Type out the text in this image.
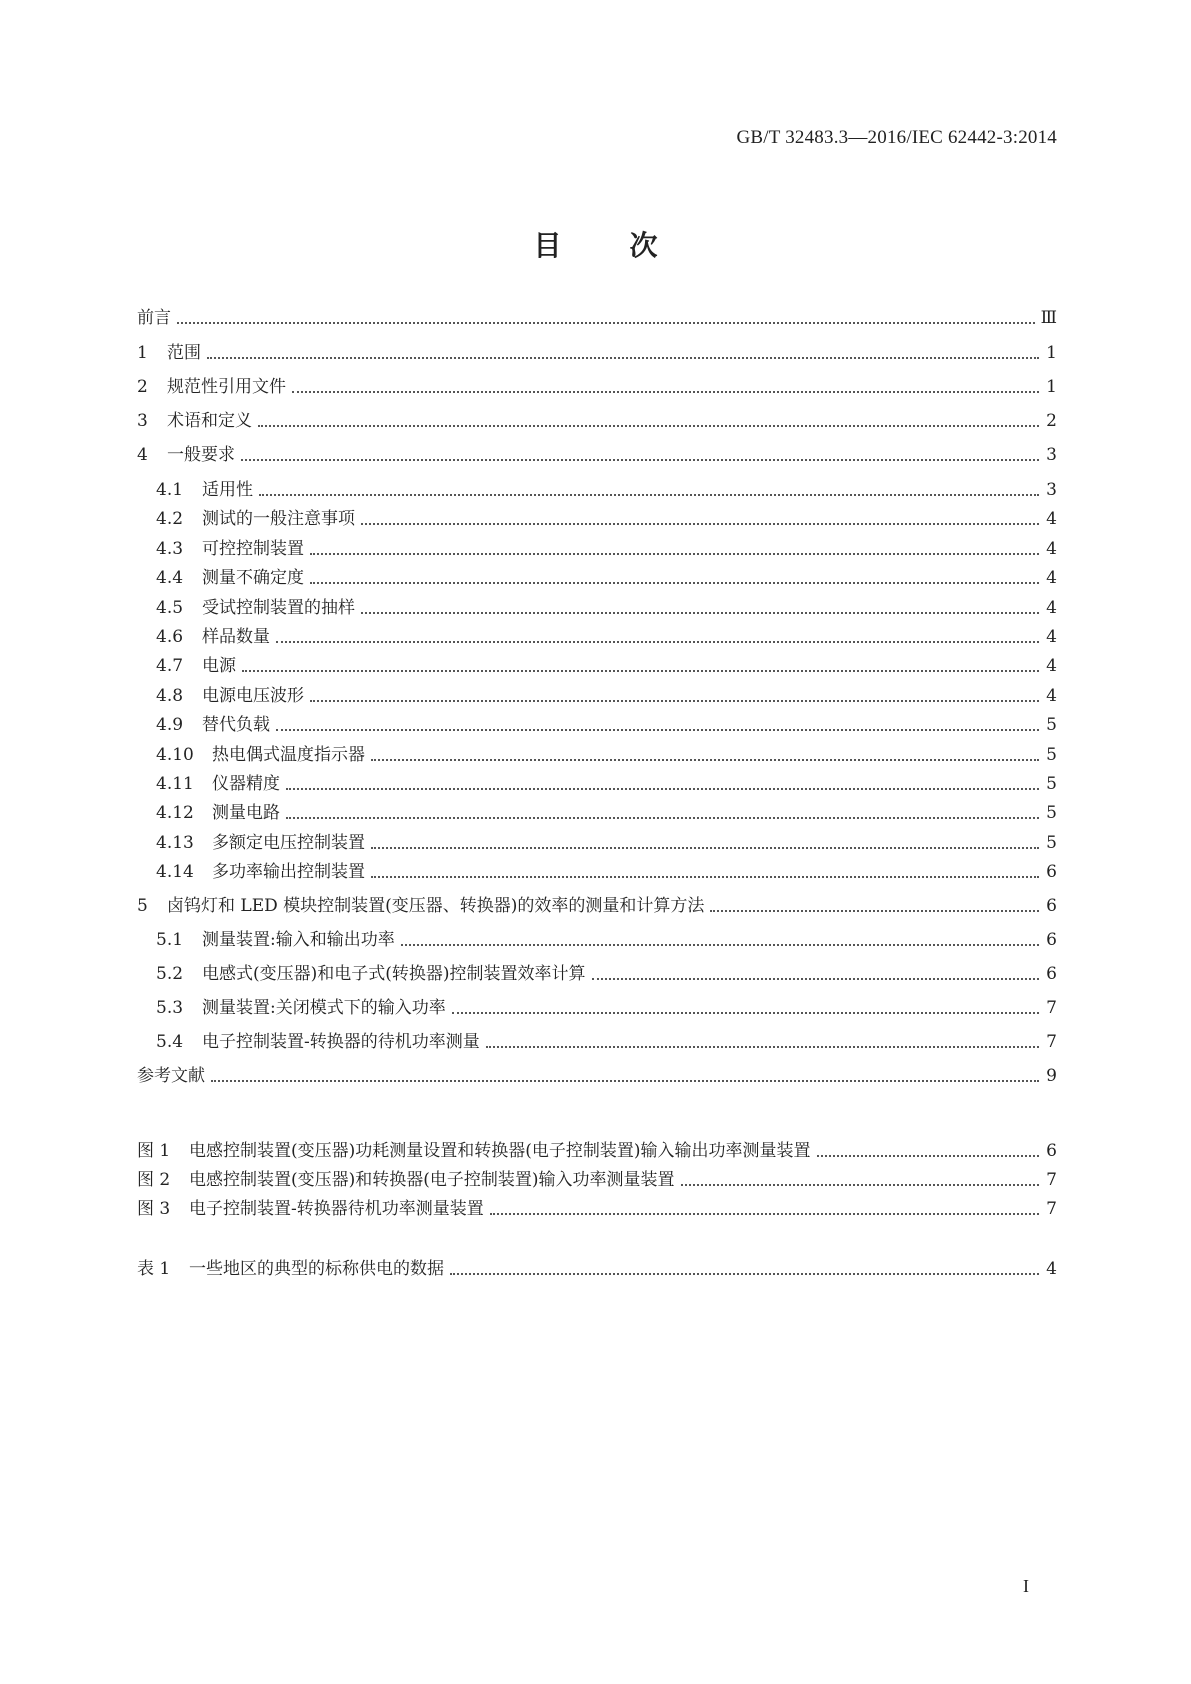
GB/T 32483.3—2016/IEC 62442-3:2014
目 次
前言	Ⅲ
1	范围	1
2	规范性引用文件	1
3	术语和定义	2
4	一般要求	3
4.1	适用性	3
4.2	测试的一般注意事项	4
4.3	可控控制装置	4
4.4	测量不确定度	4
4.5	受试控制装置的抽样	4
4.6	样品数量	4
4.7	电源	4
4.8	电源电压波形	4
4.9	替代负载	5
4.10	热电偶式温度指示器	5
4.11	仪器精度	5
4.12	测量电路	5
4.13	多额定电压控制装置	5
4.14	多功率输出控制装置	6
5	卤钨灯和 LED 模块控制装置(变压器、转换器)的效率的测量和计算方法	6
5.1	测量装置:输入和输出功率	6
5.2	电感式(变压器)和电子式(转换器)控制装置效率计算	6
5.3	测量装置:关闭模式下的输入功率	7
5.4	电子控制装置-转换器的待机功率测量	7
参考文献	9
图 1	电感控制装置(变压器)功耗测量设置和转换器(电子控制装置)输入输出功率测量装置	6
图 2	电感控制装置(变压器)和转换器(电子控制装置)输入功率测量装置	7
图 3	电子控制装置-转换器待机功率测量装置	7
表 1	一些地区的典型的标称供电的数据	4
I
